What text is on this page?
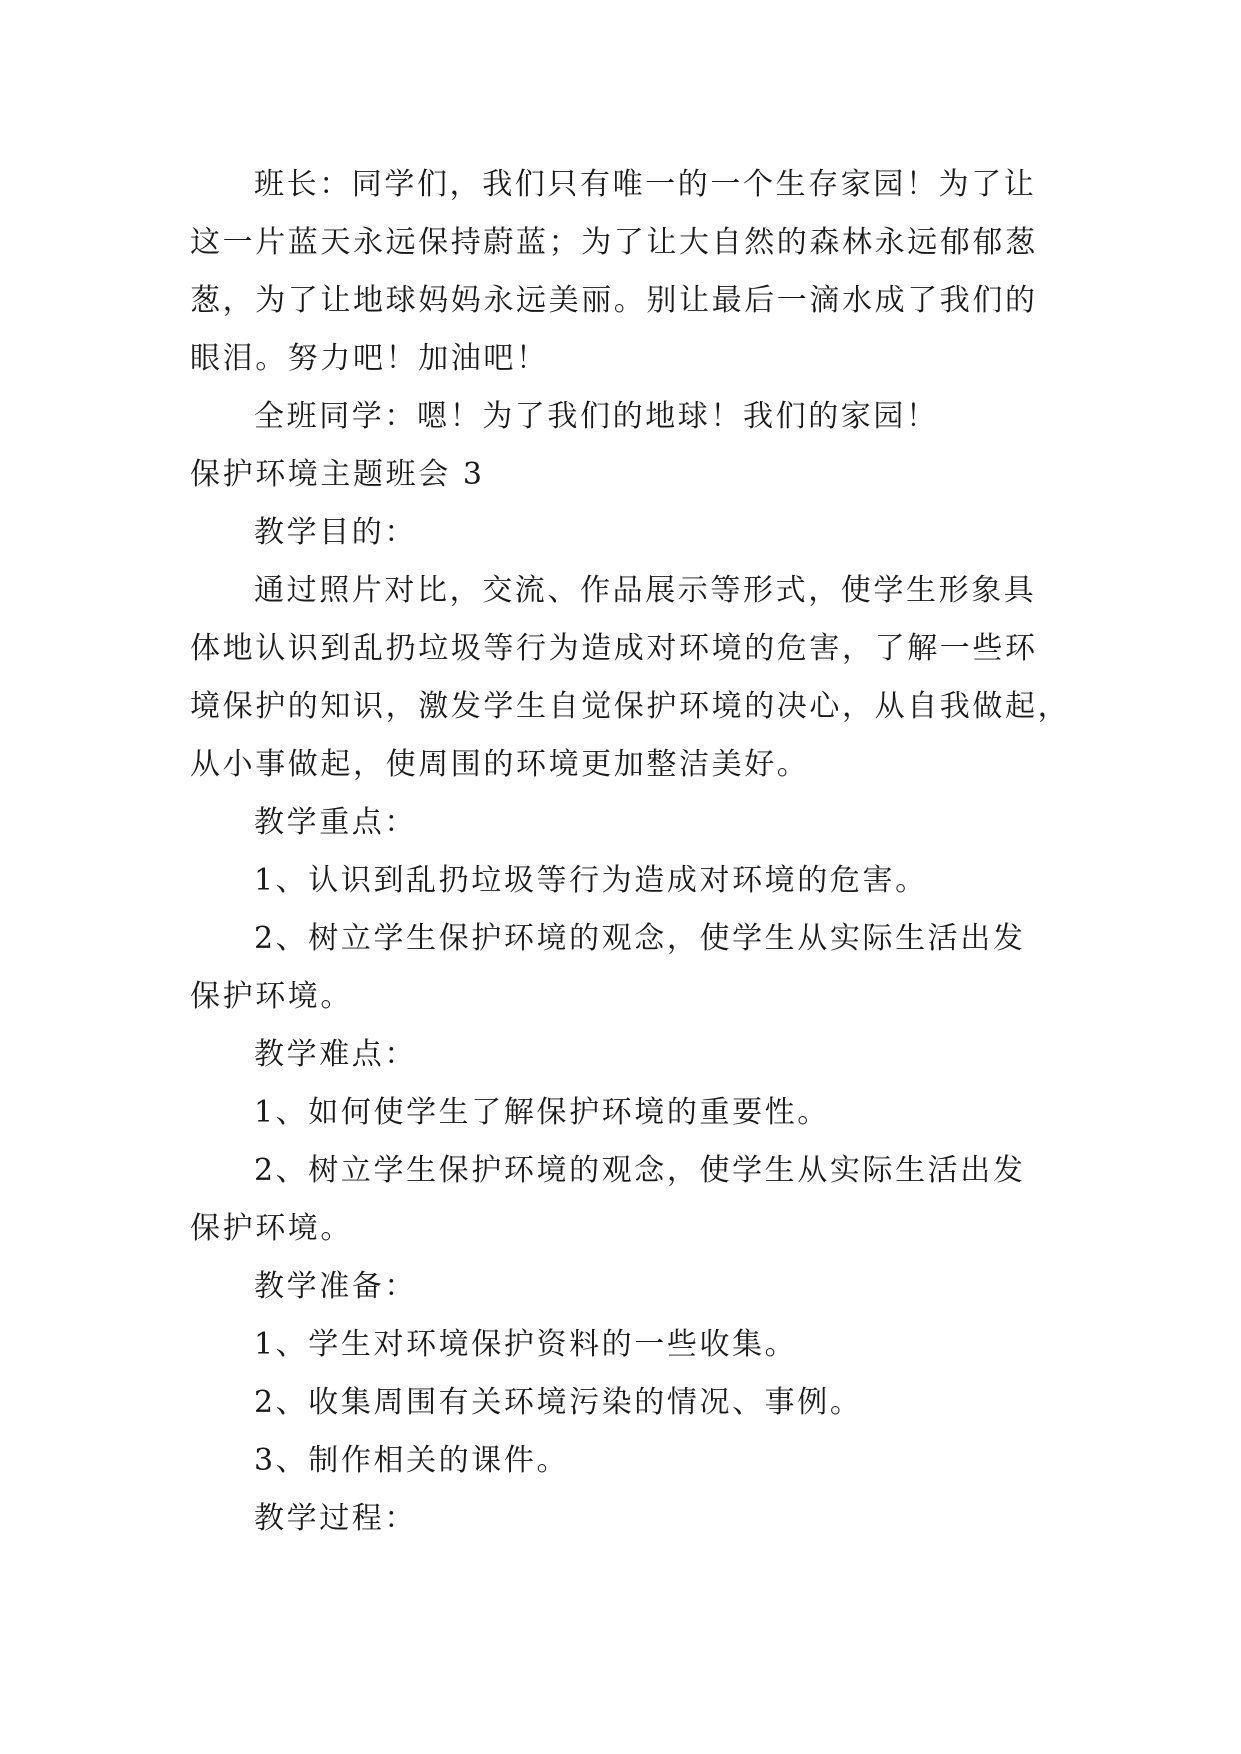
班长：同学们，我们只有唯一的一个生存家园！为了让
这一片蓝天永远保持蔚蓝；为了让大自然的森林永远郁郁葱
葱，为了让地球妈妈永远美丽。别让最后一滴水成了我们的
眼泪。努力吧！加油吧！
全班同学：嗯！为了我们的地球！我们的家园！
保护环境主题班会 3
教学目的：
通过照片对比，交流、作品展示等形式，使学生形象具
体地认识到乱扔垃圾等行为造成对环境的危害，了解一些环
境保护的知识，激发学生自觉保护环境的决心，从自我做起，
从小事做起，使周围的环境更加整洁美好。
教学重点：
1、认识到乱扔垃圾等行为造成对环境的危害。
2、树立学生保护环境的观念，使学生从实际生活出发
保护环境。
教学难点：
1、如何使学生了解保护环境的重要性。
2、树立学生保护环境的观念，使学生从实际生活出发
保护环境。
教学准备：
1、学生对环境保护资料的一些收集。
2、收集周围有关环境污染的情况、事例。
3、制作相关的课件。
教学过程：
